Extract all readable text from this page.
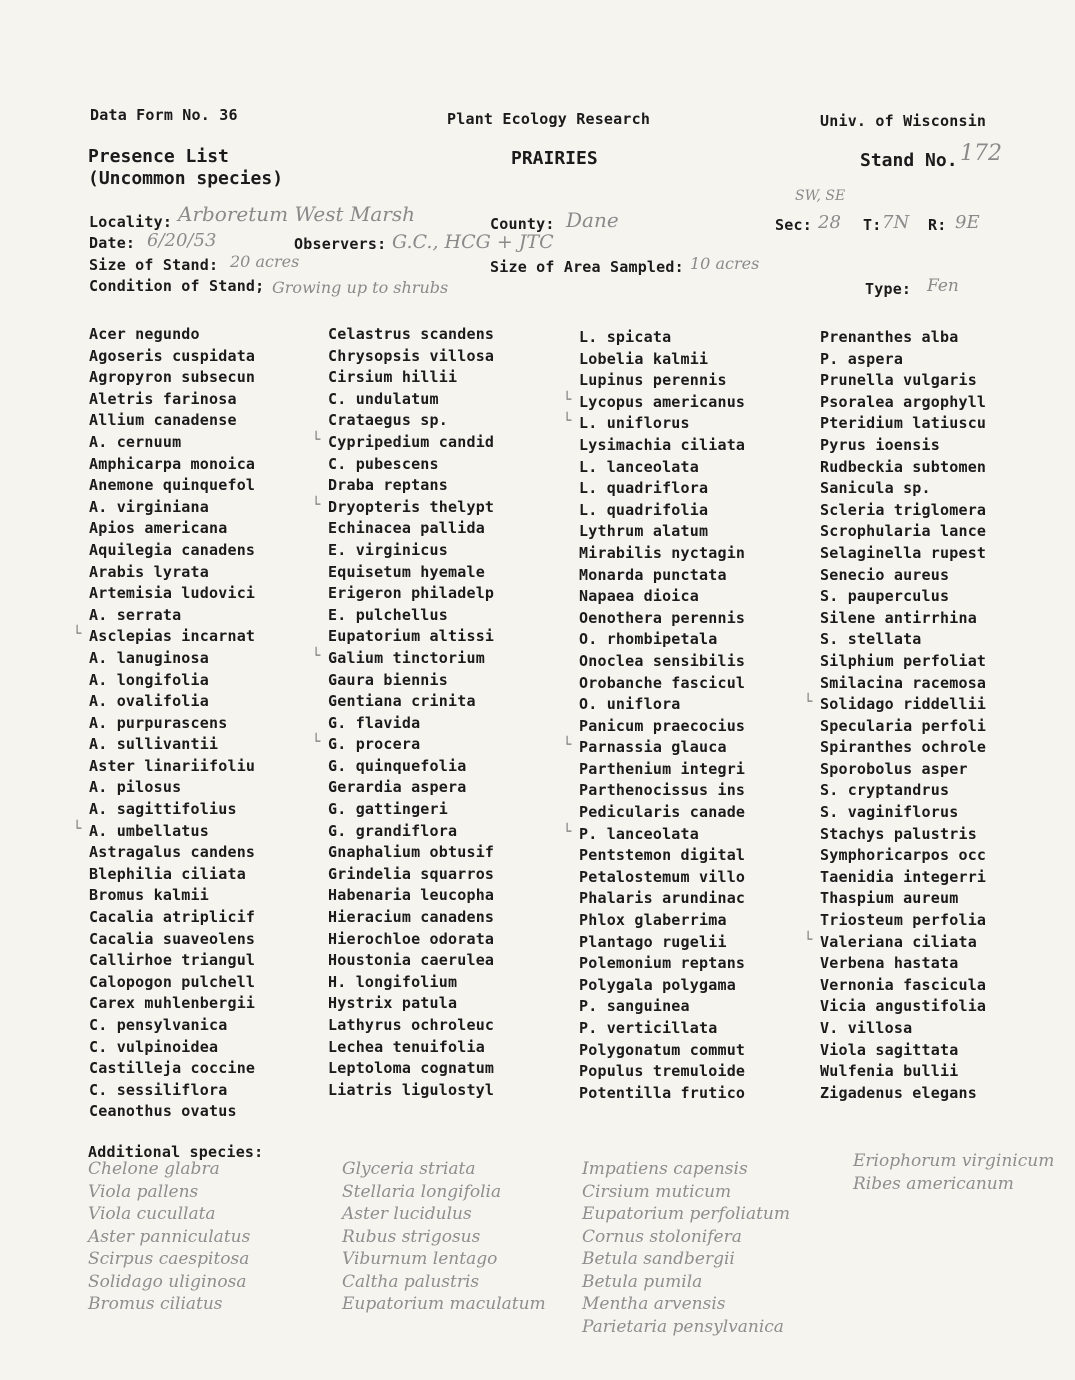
Data Form No. 36	Plant Ecology Research	Univ. of Wisconsin
Presence List
(Uncommon species)
PRAIRIES	Stand No. 172
SW, SE
Locality: Arboretum West Marsh	County: Dane	Sec: 28 T: 7N R: 9E
Date: 6/20/53	Observers: G.C., HCG + JTC
Size of Stand: 20 acres	Size of Area Sampled: 10 acres
Condition of Stand; Growing up to shrubs	Type: Fen
Acer negundo
Agoseris cuspidata
Agropyron subsecun
Aletris farinosa
Allium canadense
A. cernuum
Amphicarpa monoica
Anemone quinquefol
A. virginiana
Apios americana
Aquilegia canadens
Arabis lyrata
Artemisia ludovici
A. serrata
└ Asclepias incarnat
A. lanuginosa
A. longifolia
A. ovalifolia
A. purpurascens
A. sullivantii
Aster linariifoliu
A. pilosus
A. sagittifolius
└ A. umbellatus
Astragalus candens
Blephilia ciliata
Bromus kalmii
Cacalia atriplicif
Cacalia suaveolens
Callirhoe triangul
Calopogon pulchell
Carex muhlenbergii
C. pensylvanica
C. vulpinoidea
Castilleja coccine
C. sessiliflora
Ceanothus ovatus
Celastrus scandens
Chrysopsis villosa
Cirsium hillii
C. undulatum
Crataegus sp.
└ Cypripedium candid
C. pubescens
Draba reptans
└ Dryopteris thelypt
Echinacea pallida
E. virginicus
Equisetum hyemale
Erigeron philadelp
E. pulchellus
Eupatorium altissi
└ Galium tinctorium
Gaura biennis
Gentiana crinita
G. flavida
└ G. procera
G. quinquefolia
Gerardia aspera
G. gattingeri
G. grandiflora
Gnaphalium obtusif
Grindelia squarros
Habenaria leucopha
Hieracium canadens
Hierochloe odorata
Houstonia caerulea
H. longifolium
Hystrix patula
Lathyrus ochroleuc
Lechea tenuifolia
Leptoloma cognatum
Liatris ligulostyl
L. spicata
Lobelia kalmii
Lupinus perennis
└ Lycopus americanus
└ L. uniflorus
Lysimachia ciliata
L. lanceolata
L. quadriflora
L. quadrifolia
Lythrum alatum
Mirabilis nyctagin
Monarda punctata
Napaea dioica
Oenothera perennis
O. rhombipetala
Onoclea sensibilis
Orobanche fascicul
O. uniflora
Panicum praecocius
└ Parnassia glauca
Parthenium integri
Parthenocissus ins
Pedicularis canade
└ P. lanceolata
Pentstemon digital
Petalostemum villo
Phalaris arundinac
Phlox glaberrima
Plantago rugelii
Polemonium reptans
Polygala polygama
P. sanguinea
P. verticillata
Polygonatum commut
Populus tremuloide
Potentilla frutico
Prenanthes alba
P. aspera
Prunella vulgaris
Psoralea argophyll
Pteridium latiuscu
Pyrus ioensis
Rudbeckia subtomen
Sanicula sp.
Scleria triglomera
Scrophularia lance
Selaginella rupest
Senecio aureus
S. pauperculus
Silene antirrhina
S. stellata
Silphium perfoliat
Smilacina racemosa
└ Solidago riddellii
Specularia perfoli
Spiranthes ochrole
Sporobolus asper
S. cryptandrus
S. vaginiflorus
Stachys palustris
Symphoricarpos occ
Taenidia integerri
Thaspium aureum
Triosteum perfolia
└ Valeriana ciliata
Verbena hastata
Vernonia fascicula
Vicia angustifolia
V. villosa
Viola sagittata
Wulfenia bullii
Zigadenus elegans
Additional species:
Chelone glabra
Viola pallens
Viola cucullata
Aster panniculatus
Scirpus caespitosa
Solidago uliginosa
Bromus ciliatus
Glyceria striata
Stellaria longifolia
Aster lucidulus
Rubus strigosus
Viburnum lentago
Caltha palustris
Eupatorium maculatum
Impatiens capensis
Cirsium muticum
Eupatorium perfoliatum
Cornus stolonifera
Betula sandbergii
Betula pumila
Mentha arvensis
Parietaria pensylvanica
Eriophorum virginicum
Ribes americanum
